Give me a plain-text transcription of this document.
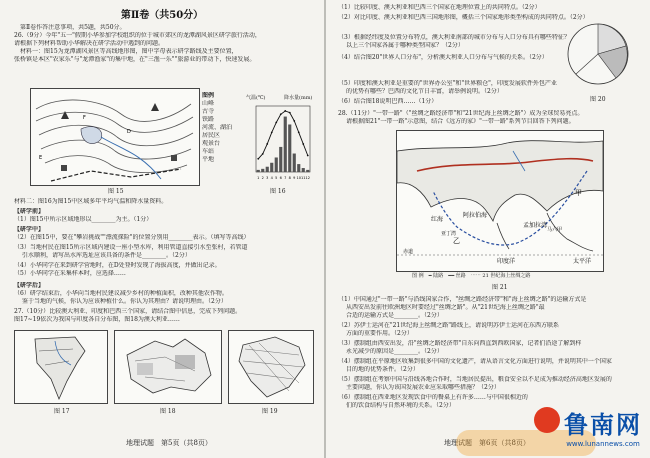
第Ⅱ卷（共50分）
第Ⅱ卷作答注意事项，共5题，共50分。
26.（9分）今年"五一"假期小华参加学校组织的位于城市郊区的龙潭湖风景区研学旅行活动，
请根据下列材料帮助小华解决在研学活动中遇到的问题。
材料一：图15为龙潭湖风景区等高线地形图，图中字母表示研学路线及主要位置，
张桥镇是本区"农家乐"与"龙潭渔家"的集中地，在"三渔一乐""旅游业的带动下，快速发展。
E
F
D
图 15
图例
山峰
古寺
铁路
河流、湖泊
居民区
观景台
车站
平地
气温(℃)	降水量(mm)
1 2 3 4 5 6 7 8 9 10 11 12
图 16
材料二：图16为图15中区域多年平均气温和降水量资料。
【研学前】
（1）图15中所示区域地形以________为主。（1分）
【研学中】
（2）在图15中，要在"攀岩挑战""漂流探险"的位置分别用________表示。（填写等高线）
（3）当地村民在图15所示区域内建设一座小型水库，利用管道直接引水至张村，若管道
引水顺利，请写出水库选址应该具备的条件是________。（2分）
（4）小华同学在来到研学营地时，在D处登时发现了海拔高度，并做出记录。
（5）小华同学在采集样本时，应选择……
【研学后】
（6）研学结束后，小华向当地村民建议减少乡村的种植面积，改种其他农作物。
鉴于当地的气候，你认为应该种植什么。你认为其理由？请说明理由。（2分）
27.（10分）比较澳大利亚、印度和巴西三个国家，请结合图中信息，完成下列问题。
图17~19依次为我国与印度各自分布图，图18为澳大利亚……
图 17	图 18	图 19
地理试题　第5页（共8页）
（1）比较印度、澳大利亚和巴西三个国家在地理位置上的共同特点。（2分）
（2）对比印度、澳大利亚和巴西三国地形图，概括三个国家地形类型构成的共同特点。（2分）
（3）根据经纬度及位置分布特点，澳大利亚南部的城市分布与人口分布具有哪些特征？
以上三个国家各属于哪种类型国家？（2分）
（4）结合图20"世界人口分布"，分析澳大利亚人口分布与气候的关系。（2分）
（5）印度和澳大利亚是重要的"世界办公室"和"世界粮仓"，印度发展软件外包产业
的优势有哪些？巴西的文化节日丰富，请举例说明。（2分）
（6）结合图18说明巴西……（1分）	图 20
28.（11分）"一带一路"（"丝绸之路经济带"和"21世纪海上丝绸之路"）成为全球贸易亮点。
请根据图21"一带一路"示意图，结合《远方的家》"一带一路"系列节目回答下列问题。
阿拉伯海
孟加拉湾
红海
马六甲
亚丁湾
乙
甲
赤道
印度洋	太平洋
图 例　━ 陆路　━━ 丝路　⋯⋯ 21 世纪海上丝绸之路
图 21
（1）中国通过"一带一路"与沿线国家合作，"丝绸之路经济带"和"海上丝绸之路"的运输方式是
从西安出发前往欧洲地区时要经过"丝绸之路"。从"21世纪海上丝绸之路"最
合适的运输方式是________。（2分）
（2）苏伊士运河在"21世纪海上丝绸之路"路线上，请说明苏伊士运河在东西方联系
方面的重要作用。（2分）
（3）摆制组由西安出发，沿"丝绸之路经济带"自东向西直到西欧国家，记者们沿途了解到样
永光减少的原因是________。（2分）
（4）摆制组在平原地区收集到很多中国的文化遗产，请从语言文化方面进行说明，并说明其中一个国家
目的地的优势条件。（2分）
（5）摆制组在考察中国与沿线各地合作时，当地居民提出，粮食安全以不足成为推动经济高地区发展的
主要问题，你认为该国发展农业应采取哪些措施？（2分）
（6）摆制组在西亚地区发现饮食中的餐桌上有许多……与中国很相近的
们的饮食结构与自然环境的关系。（2分）
地理试题　第6页（共8页）
鲁南网
www.lunannews.com
